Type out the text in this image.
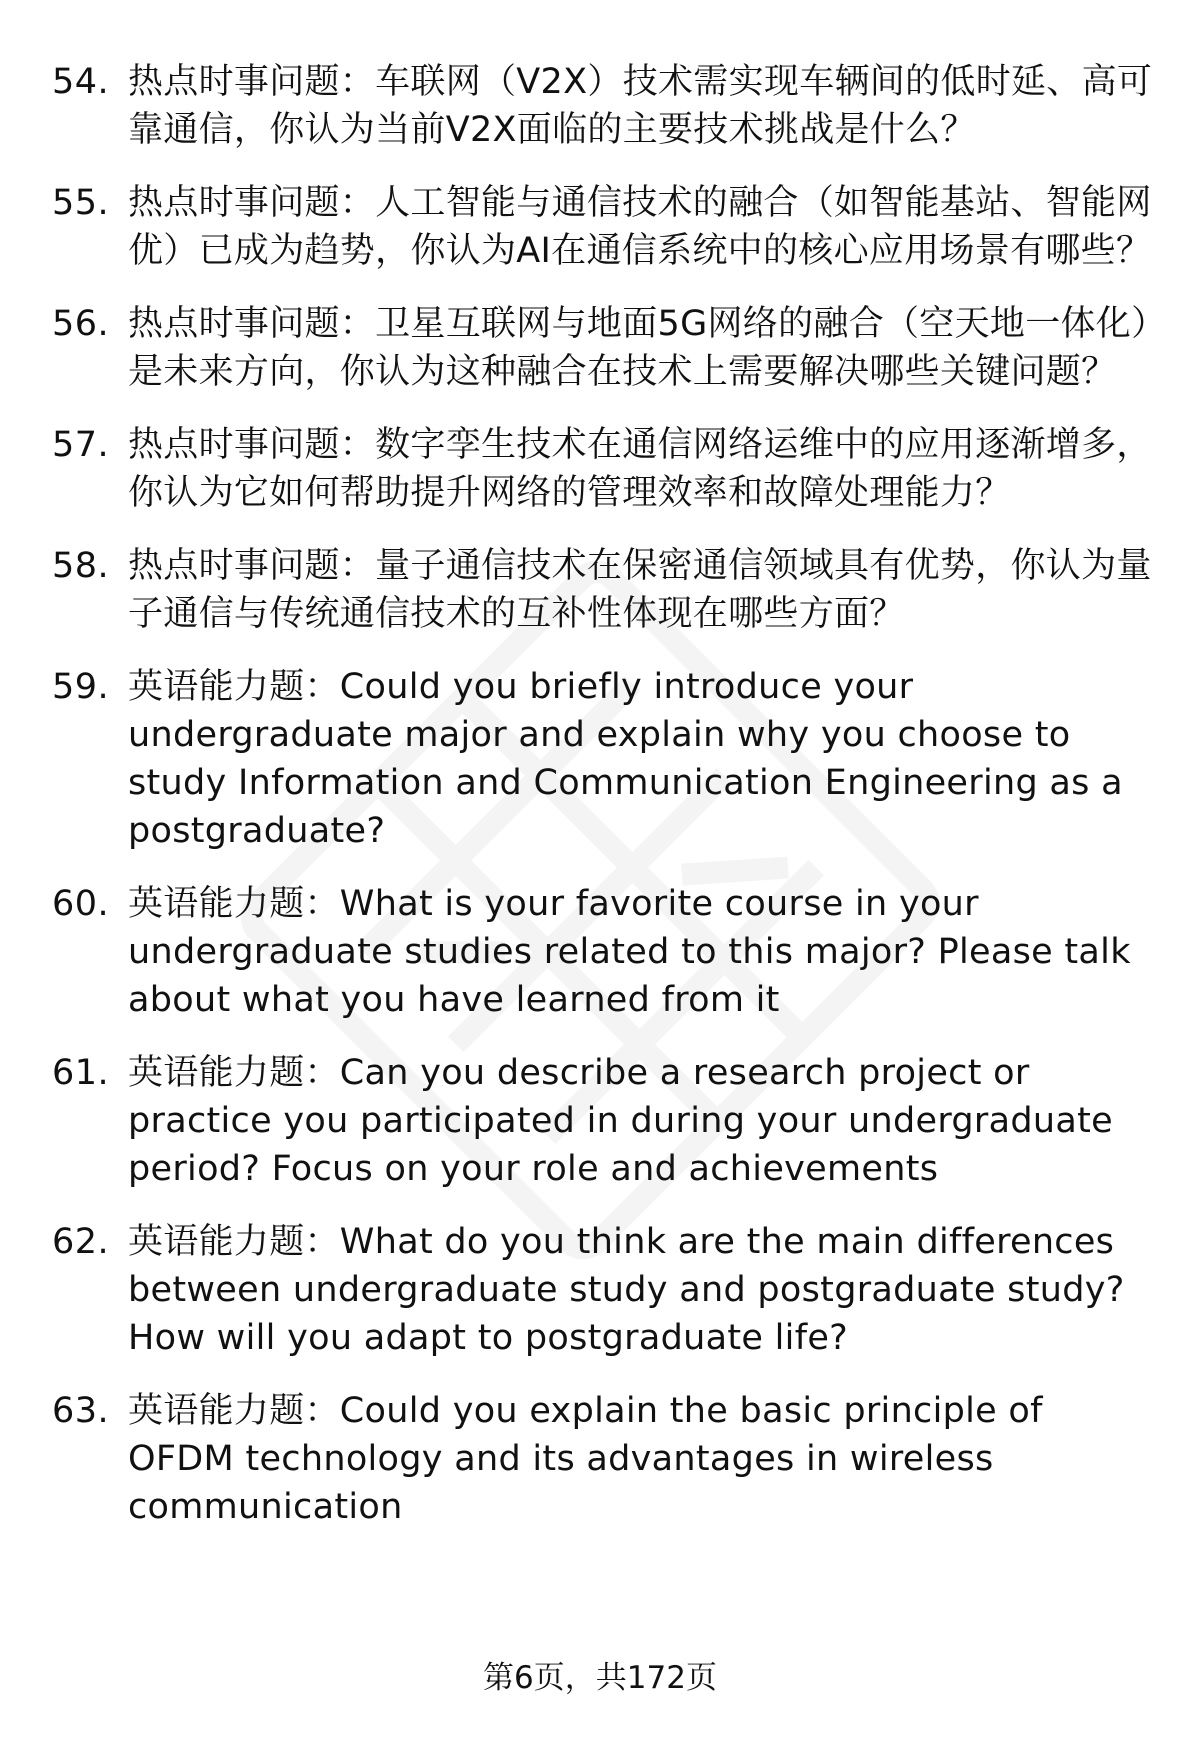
54. 热点时事问题：车联网（V2X）技术需实现车辆间的低时延、高可靠通信，你认为当前V2X面临的主要技术挑战是什么？
55. 热点时事问题：人工智能与通信技术的融合（如智能基站、智能网优）已成为趋势，你认为AI在通信系统中的核心应用场景有哪些？
56. 热点时事问题：卫星互联网与地面5G网络的融合（空天地一体化）是未来方向，你认为这种融合在技术上需要解决哪些关键问题？
57. 热点时事问题：数字孪生技术在通信网络运维中的应用逐渐增多，你认为它如何帮助提升网络的管理效率和故障处理能力？
58. 热点时事问题：量子通信技术在保密通信领域具有优势，你认为量子通信与传统通信技术的互补性体现在哪些方面？
59. 英语能力题：Could you briefly introduce your undergraduate major and explain why you choose to study Information and Communication Engineering as a postgraduate?
60. 英语能力题：What is your favorite course in your undergraduate studies related to this major? Please talk about what you have learned from it
61. 英语能力题：Can you describe a research project or practice you participated in during your undergraduate period? Focus on your role and achievements
62. 英语能力题：What do you think are the main differences between undergraduate study and postgraduate study? How will you adapt to postgraduate life?
63. 英语能力题：Could you explain the basic principle of OFDM technology and its advantages in wireless communication
第6页，共172页
